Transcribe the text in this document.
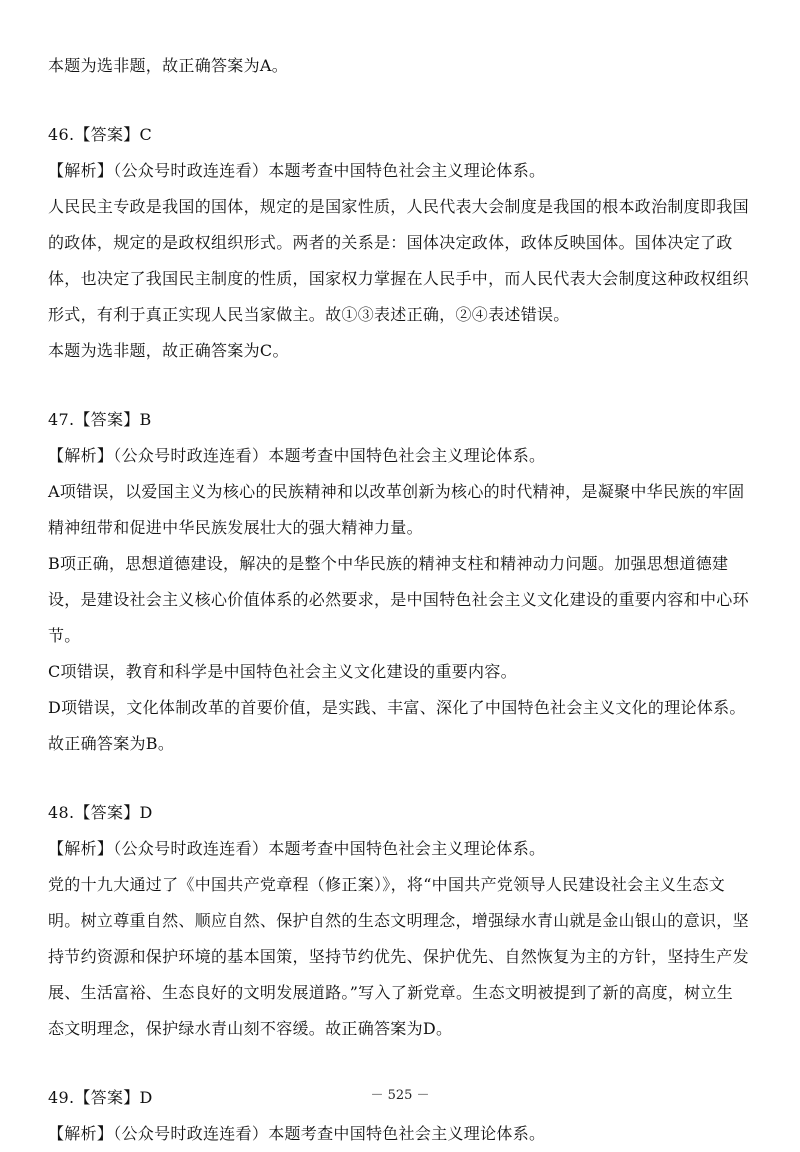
本题为选非题，故正确答案为A。
46.【答案】C
【解析】（公众号时政连连看）本题考查中国特色社会主义理论体系。
人民民主专政是我国的国体，规定的是国家性质，人民代表大会制度是我国的根本政治制度即我国
的政体，规定的是政权组织形式。两者的关系是：国体决定政体，政体反映国体。国体决定了政
体，也决定了我国民主制度的性质，国家权力掌握在人民手中，而人民代表大会制度这种政权组织
形式，有利于真正实现人民当家做主。故①③表述正确，②④表述错误。
本题为选非题，故正确答案为C。
47.【答案】B
【解析】（公众号时政连连看）本题考查中国特色社会主义理论体系。
A项错误，以爱国主义为核心的民族精神和以改革创新为核心的时代精神，是凝聚中华民族的牢固
精神纽带和促进中华民族发展壮大的强大精神力量。
B项正确，思想道德建设，解决的是整个中华民族的精神支柱和精神动力问题。加强思想道德建
设，是建设社会主义核心价值体系的必然要求，是中国特色社会主义文化建设的重要内容和中心环
节。
C项错误，教育和科学是中国特色社会主义文化建设的重要内容。
D项错误，文化体制改革的首要价值，是实践、丰富、深化了中国特色社会主义文化的理论体系。
故正确答案为B。
48.【答案】D
【解析】（公众号时政连连看）本题考查中国特色社会主义理论体系。
党的十九大通过了《中国共产党章程（修正案）》，将“中国共产党领导人民建设社会主义生态文
明。树立尊重自然、顺应自然、保护自然的生态文明理念，增强绿水青山就是金山银山的意识，坚
持节约资源和保护环境的基本国策，坚持节约优先、保护优先、自然恢复为主的方针，坚持生产发
展、生活富裕、生态良好的文明发展道路。”写入了新党章。生态文明被提到了新的高度，树立生
态文明理念，保护绿水青山刻不容缓。故正确答案为D。
49.【答案】D
【解析】（公众号时政连连看）本题考查中国特色社会主义理论体系。
－ 525 －
